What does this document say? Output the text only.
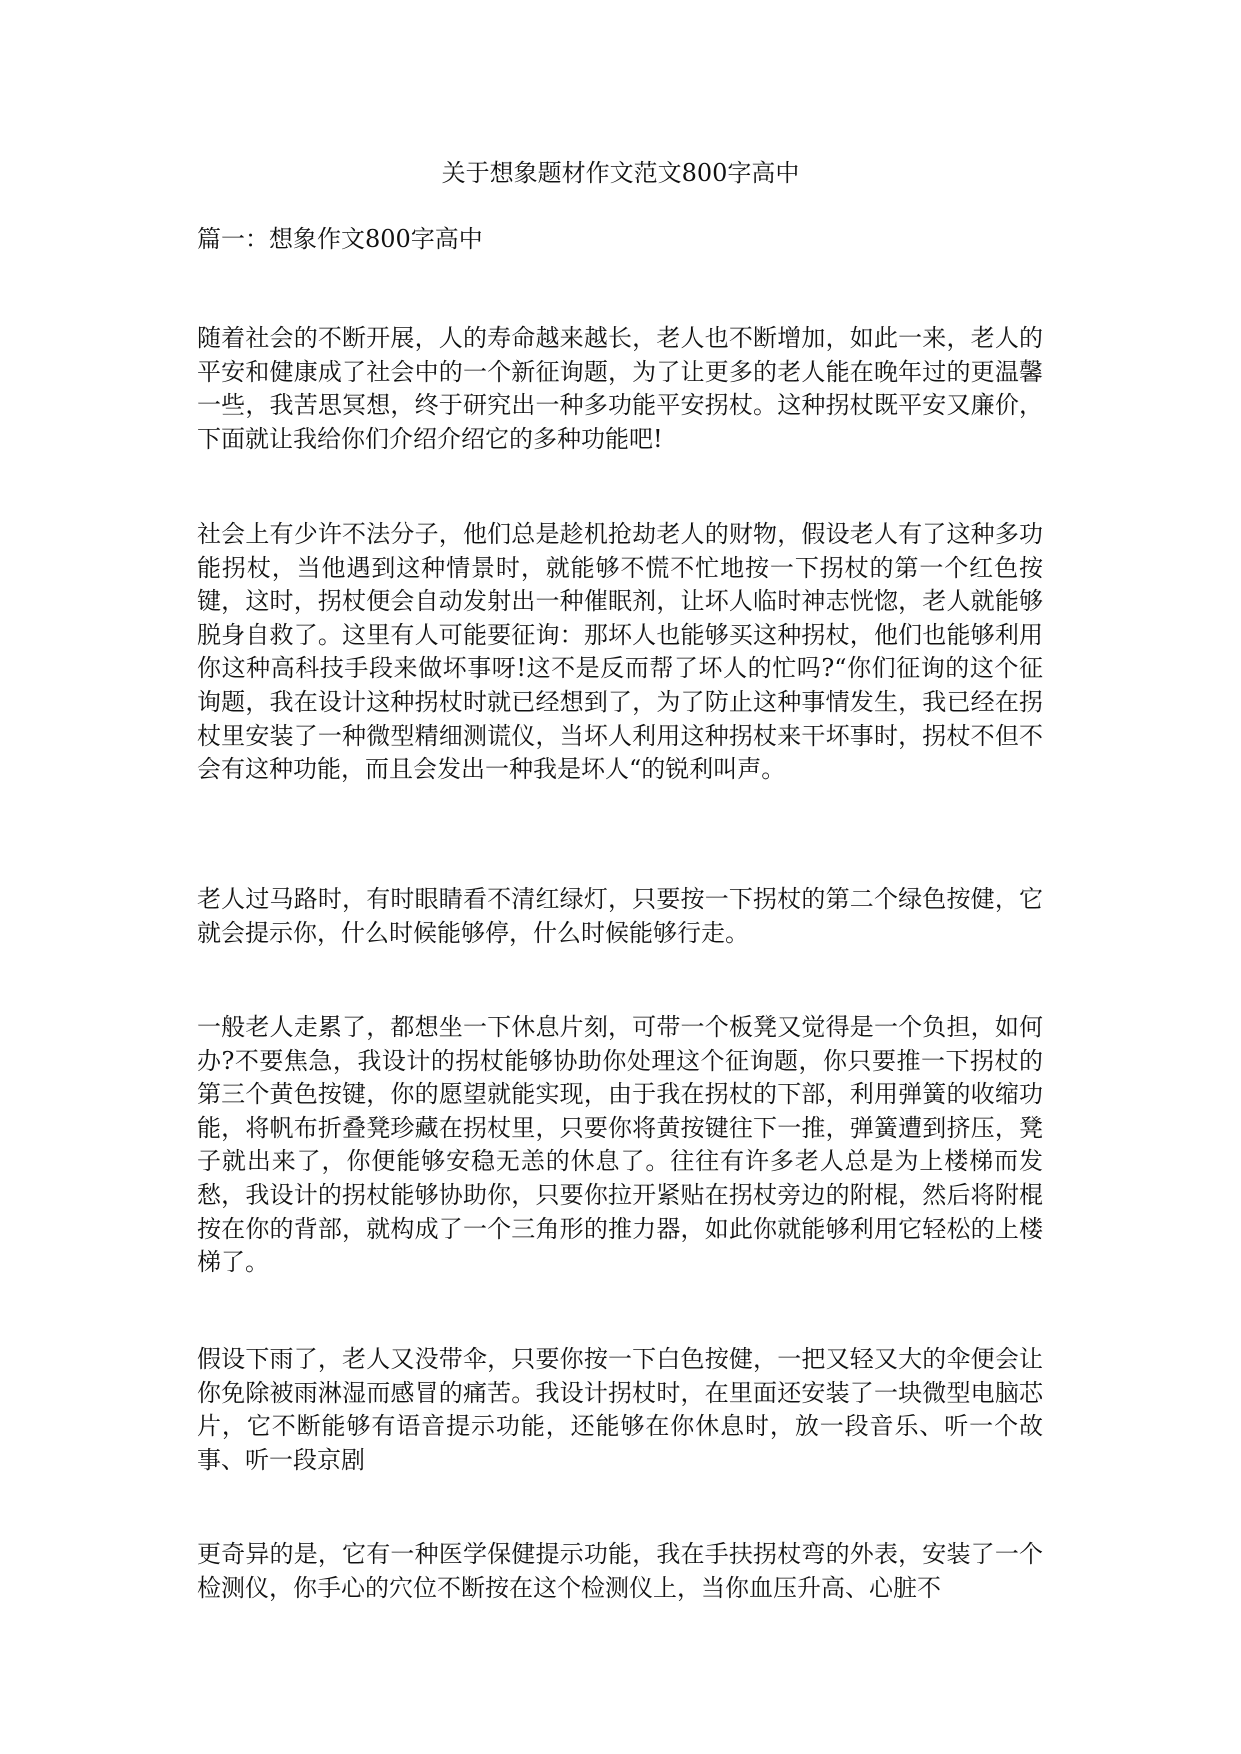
关于想象题材作文范文800字高中
篇一：想象作文800字高中

随着社会的不断开展，人的寿命越来越长，老人也不断增加，如此一来，老人的平安和健康成了社会中的一个新征询题，为了让更多的老人能在晚年过的更温馨一些，我苦思冥想，终于研究出一种多功能平安拐杖。这种拐杖既平安又廉价，下面就让我给你们介绍介绍它的多种功能吧!

社会上有少许不法分子，他们总是趁机抢劫老人的财物，假设老人有了这种多功能拐杖，当他遇到这种情景时，就能够不慌不忙地按一下拐杖的第一个红色按键，这时，拐杖便会自动发射出一种催眠剂，让坏人临时神志恍惚，老人就能够脱身自救了。这里有人可能要征询：那坏人也能够买这种拐杖，他们也能够利用你这种高科技手段来做坏事呀!这不是反而帮了坏人的忙吗?“你们征询的这个征询题，我在设计这种拐杖时就已经想到了，为了防止这种事情发生，我已经在拐杖里安装了一种微型精细测谎仪，当坏人利用这种拐杖来干坏事时，拐杖不但不会有这种功能，而且会发出一种我是坏人“的锐利叫声。

老人过马路时，有时眼睛看不清红绿灯，只要按一下拐杖的第二个绿色按健，它就会提示你，什么时候能够停，什么时候能够行走。

一般老人走累了，都想坐一下休息片刻，可带一个板凳又觉得是一个负担，如何办?不要焦急，我设计的拐杖能够协助你处理这个征询题，你只要推一下拐杖的第三个黄色按键，你的愿望就能实现，由于我在拐杖的下部，利用弹簧的收缩功能，将帆布折叠凳珍藏在拐杖里，只要你将黄按键往下一推，弹簧遭到挤压，凳子就出来了，你便能够安稳无恙的休息了。往往有许多老人总是为上楼梯而发愁，我设计的拐杖能够协助你，只要你拉开紧贴在拐杖旁边的附棍，然后将附棍按在你的背部，就构成了一个三角形的推力器，如此你就能够利用它轻松的上楼梯了。

假设下雨了，老人又没带伞，只要你按一下白色按健，一把又轻又大的伞便会让你免除被雨淋湿而感冒的痛苦。我设计拐杖时，在里面还安装了一块微型电脑芯片，它不断能够有语音提示功能，还能够在你休息时，放一段音乐、听一个故事、听一段京剧

更奇异的是，它有一种医学保健提示功能，我在手扶拐杖弯的外表，安装了一个检测仪，你手心的穴位不断按在这个检测仪上，当你血压升高、心脏不
